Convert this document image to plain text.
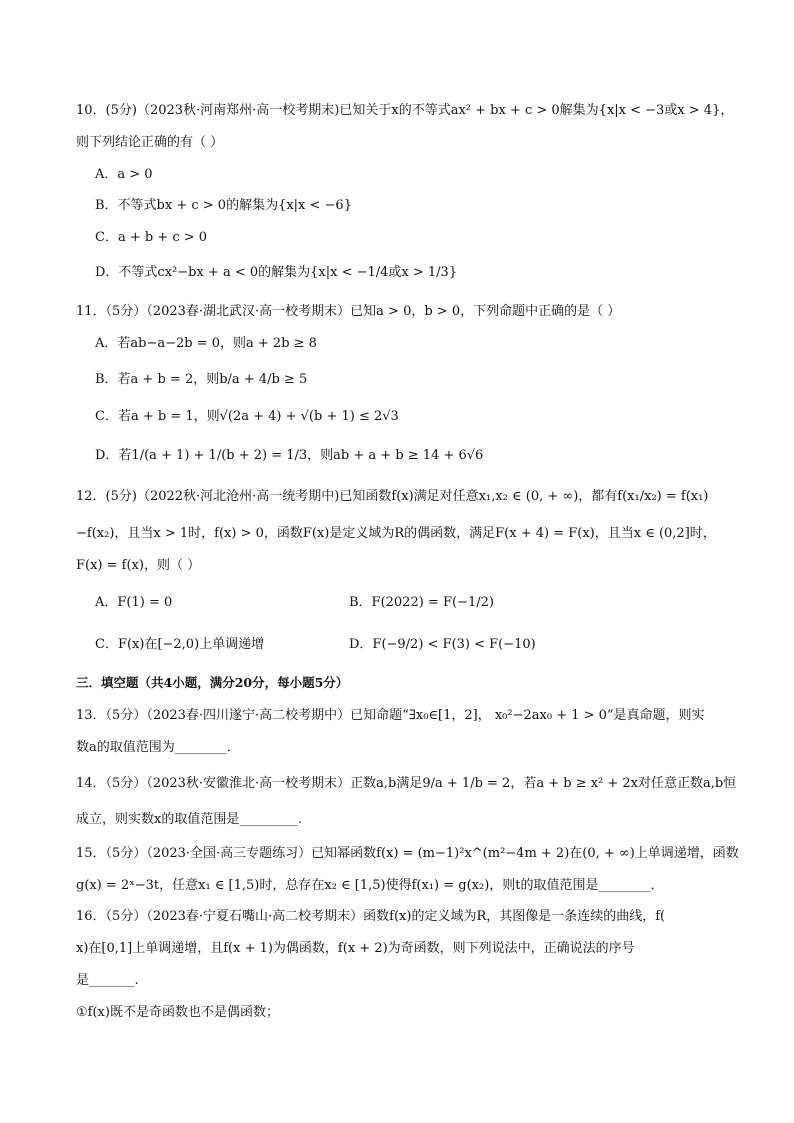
10．(5分)（2023秋·河南郑州·高一校考期末)已知关于x的不等式ax² + bx + c > 0解集为{x|x < −3或x > 4}，
则下列结论正确的有（ ）
A．a > 0
B．不等式bx + c > 0的解集为{x|x < −6}
C．a + b + c > 0
D．不等式cx²−bx + a < 0的解集为{x|x < −1/4或x > 1/3}
11．（5分）（2023春·湖北武汉·高一校考期末）已知a > 0，b > 0，下列命题中正确的是（ ）
A．若ab−a−2b = 0，则a + 2b ≥ 8
B．若a + b = 2，则b/a + 4/b ≥ 5
C．若a + b = 1，则√(2a + 4) + √(b + 1) ≤ 2√3
D．若1/(a + 1) + 1/(b + 2) = 1/3，则ab + a + b ≥ 14 + 6√6
12．(5分)（2022秋·河北沧州·高一统考期中)已知函数f(x)满足对任意x₁,x₂ ∈ (0, + ∞)，都有f(x₁/x₂) = f(x₁)
−f(x₂)，且当x > 1时，f(x) > 0，函数F(x)是定义域为R的偶函数，满足F(x + 4) = F(x)，且当x ∈ (0,2]时，
F(x) = f(x)，则（ ）
A．F(1) = 0	B．F(2022) = F(−1/2)
C．F(x)在[−2,0)上单调递增	D．F(−9/2) < F(3) < F(−10)
三．填空题（共4小题，满分20分，每小题5分）
13．（5分）（2023春·四川遂宁·高二校考期中）已知命题“∃x₀∈[1，2]， x₀²−2ax₀ + 1 > 0”是真命题，则实
数a的取值范围为________．
14．（5分）（2023秋·安徽淮北·高一校考期末）正数a,b满足9/a + 1/b = 2，若a + b ≥ x² + 2x对任意正数a,b恒
成立，则实数x的取值范围是_________.
15．（5分）（2023·全国·高三专题练习）已知幂函数f(x) = (m−1)²x^(m²−4m + 2)在(0, + ∞)上单调递增，函数
g(x) = 2ˣ−3t，任意x₁ ∈ [1,5)时，总存在x₂ ∈ [1,5)使得f(x₁) = g(x₂)，则t的取值范围是________．
16．（5分）（2023春·宁夏石嘴山·高二校考期末）函数f(x)的定义域为R，其图像是一条连续的曲线，f(
x)在[0,1]上单调递增，且f(x + 1)为偶函数，f(x + 2)为奇函数，则下列说法中，正确说法的序号
是_______.
①f(x)既不是奇函数也不是偶函数；
